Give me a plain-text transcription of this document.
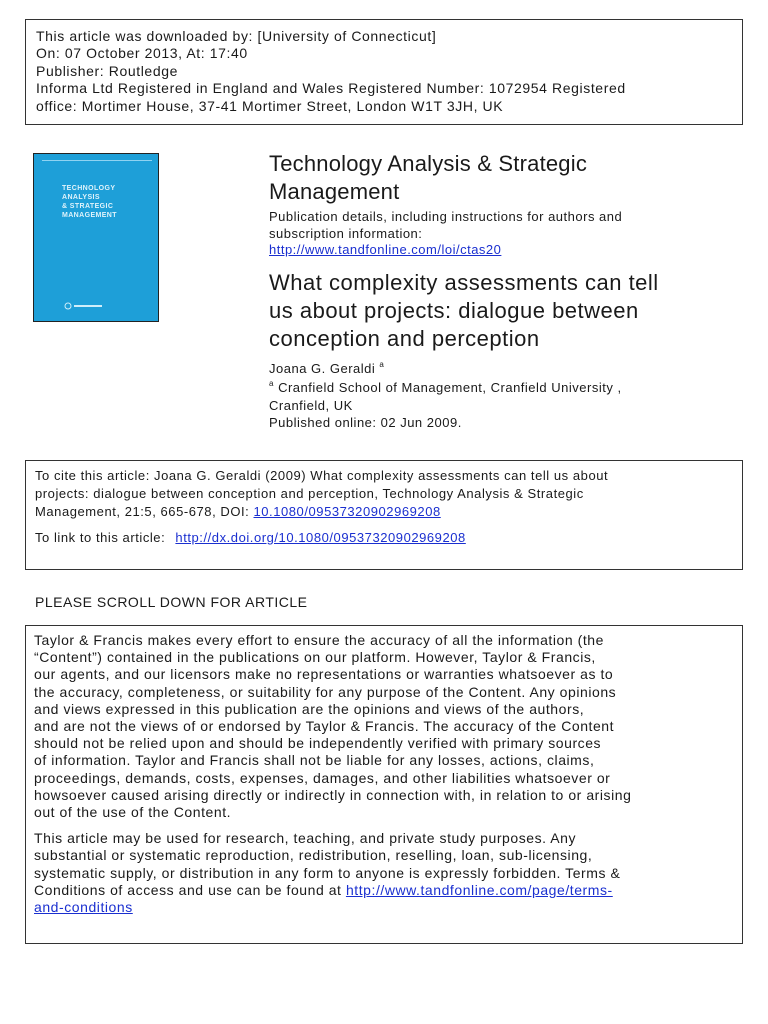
This article was downloaded by: [University of Connecticut]
On: 07 October 2013, At: 17:40
Publisher: Routledge
Informa Ltd Registered in England and Wales Registered Number: 1072954 Registered
office: Mortimer House, 37-41 Mortimer Street, London W1T 3JH, UK
TECHNOLOGY
ANALYSIS
& STRATEGIC
MANAGEMENT
Technology Analysis & Strategic
Management
Publication details, including instructions for authors and
subscription information:
http://www.tandfonline.com/loi/ctas20
What complexity assessments can tell
us about projects: dialogue between
conception and perception
Joana G. Geraldi $^a$
$^a$ Cranfield School of Management, Cranfield University ,
Cranfield, UK
Published online: 02 Jun 2009.
To cite this article: Joana G. Geraldi (2009) What complexity assessments can tell us about
projects: dialogue between conception and perception, Technology Analysis & Strategic
Management, 21:5, 665-678, DOI: 10.1080/09537320902969208
To link to this article: http://dx.doi.org/10.1080/09537320902969208
PLEASE SCROLL DOWN FOR ARTICLE
Taylor & Francis makes every effort to ensure the accuracy of all the information (the
“Content”) contained in the publications on our platform. However, Taylor & Francis,
our agents, and our licensors make no representations or warranties whatsoever as to
the accuracy, completeness, or suitability for any purpose of the Content. Any opinions
and views expressed in this publication are the opinions and views of the authors,
and are not the views of or endorsed by Taylor & Francis. The accuracy of the Content
should not be relied upon and should be independently verified with primary sources
of information. Taylor and Francis shall not be liable for any losses, actions, claims,
proceedings, demands, costs, expenses, damages, and other liabilities whatsoever or
howsoever caused arising directly or indirectly in connection with, in relation to or arising
out of the use of the Content.
This article may be used for research, teaching, and private study purposes. Any
substantial or systematic reproduction, redistribution, reselling, loan, sub-licensing,
systematic supply, or distribution in any form to anyone is expressly forbidden. Terms &
Conditions of access and use can be found at http://www.tandfonline.com/page/terms-
and-conditions
